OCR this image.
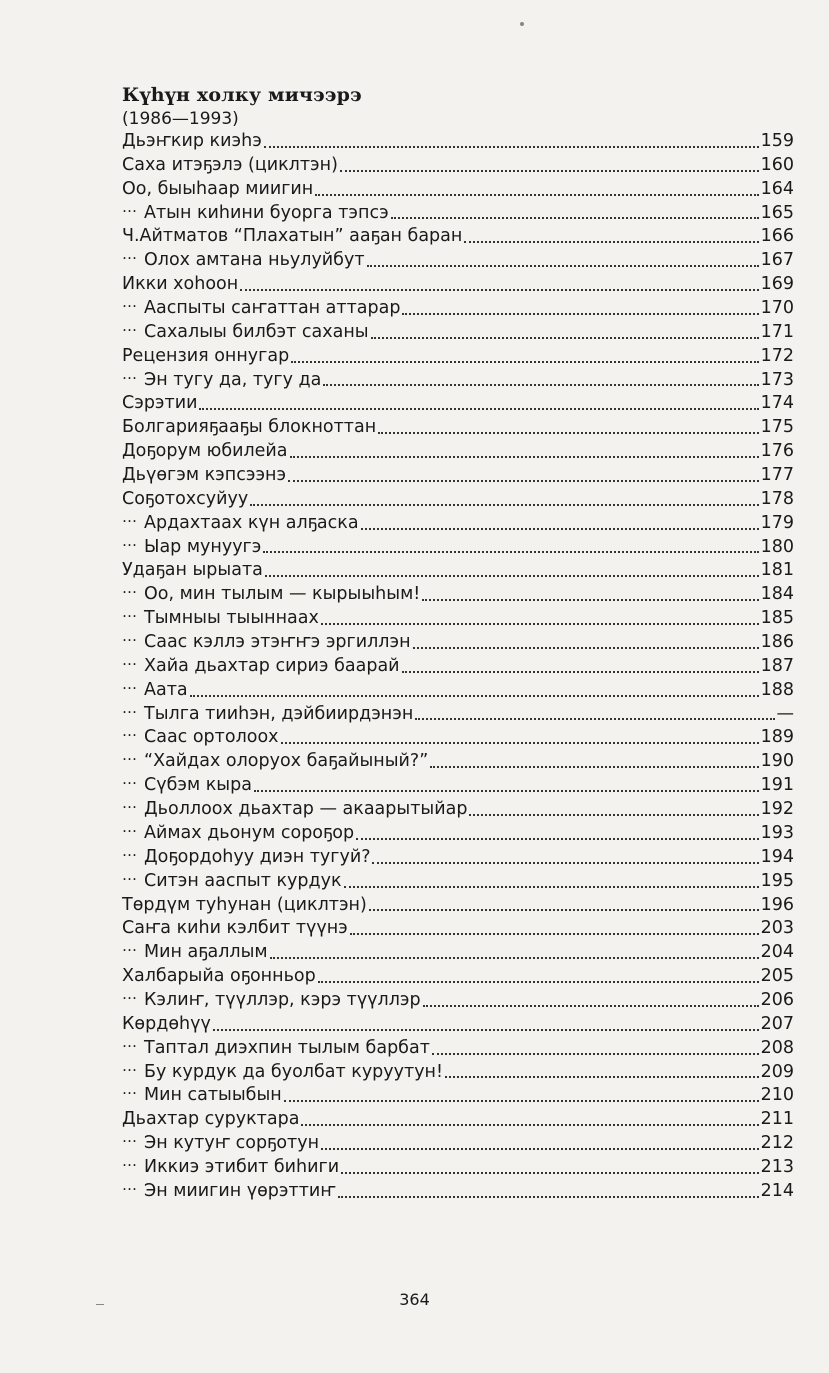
Күһүн холку мичээрэ
(1986—1993)
Дьэҥкир киэһэ	159
Саха итэҕэлэ (циклтэн)	160
Оо, быыһаар миигин	164
… Атын киһини буорга тэпсэ	165
Ч.Айтматов “Плахатын” ааҕан баран	166
… Олох амтана ньулуйбут	167
Икки хоһоон	169
… Ааспыты саҥаттан аттарар	170
… Сахалыы билбэт саханы	171
Рецензия оннугар	172
… Эн тугу да, тугу да	173
Сэрэтии	174
Болгарияҕааҕы блокноттан	175
Доҕорум юбилейа	176
Дьүөгэм кэпсээнэ	177
Соҕотохсуйуу	178
… Ардахтаах күн алҕаска	179
… Ыар мунуугэ	180
Удаҕан ырыата	181
… Оо, мин тылым — кырыыһым!	184
… Тымныы тыыннаах	185
… Саас кэллэ этэҥҥэ эргиллэн	186
… Хайа дьахтар сириэ баарай	187
… Аата	188
… Тылга тииһэн, дэйбиирдэнэн	—
… Саас ортолоох	189
… “Хайдах олоруох баҕайыный?”	190
… Сүбэм кыра	191
… Дьоллоох дьахтар — акаарытыйар	192
… Аймах дьонум сороҕор	193
… Доҕордоһуу диэн тугуй?	194
… Ситэн ааспыт курдук	195
Төрдүм туһунан (циклтэн)	196
Саҥа киһи кэлбит түүнэ	203
… Мин аҕаллым	204
Халбарыйа оҕонньор	205
… Кэлиҥ, түүллэр, кэрэ түүллэр	206
Көрдөһүү	207
… Таптал диэхпин тылым барбат	208
… Бу курдук да буолбат куруутун!	209
… Мин сатыыбын	210
Дьахтар суруктара	211
… Эн кутуҥ сорҕотун	212
… Иккиэ этибит биһиги	213
… Эн миигин үөрэттиҥ	214
364
